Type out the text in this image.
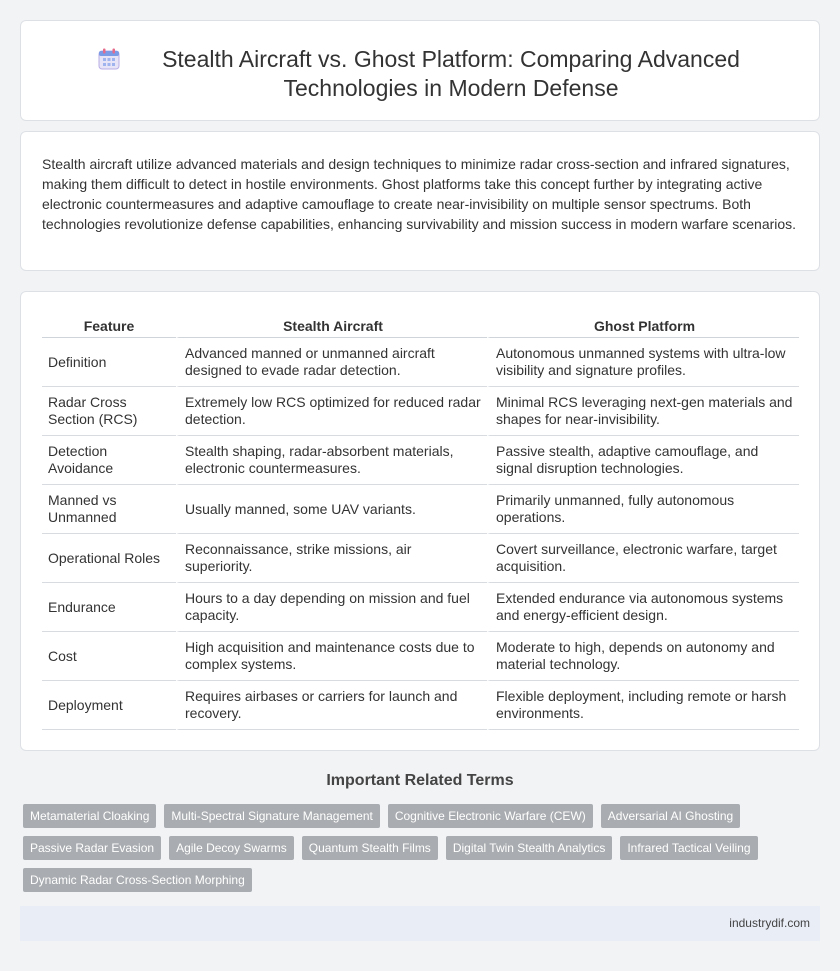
Stealth Aircraft vs. Ghost Platform: Comparing Advanced Technologies in Modern Defense

Stealth aircraft utilize advanced materials and design techniques to minimize radar cross-section and infrared signatures, making them difficult to detect in hostile environments. Ghost platforms take this concept further by integrating active electronic countermeasures and adaptive camouflage to create near-invisibility on multiple sensor spectrums. Both technologies revolutionize defense capabilities, enhancing survivability and mission success in modern warfare scenarios.

Feature	Stealth Aircraft	Ghost Platform
Definition	Advanced manned or unmanned aircraft designed to evade radar detection.	Autonomous unmanned systems with ultra-low visibility and signature profiles.
Radar Cross Section (RCS)	Extremely low RCS optimized for reduced radar detection.	Minimal RCS leveraging next-gen materials and shapes for near-invisibility.
Detection Avoidance	Stealth shaping, radar-absorbent materials, electronic countermeasures.	Passive stealth, adaptive camouflage, and signal disruption technologies.
Manned vs Unmanned	Usually manned, some UAV variants.	Primarily unmanned, fully autonomous operations.
Operational Roles	Reconnaissance, strike missions, air superiority.	Covert surveillance, electronic warfare, target acquisition.
Endurance	Hours to a day depending on mission and fuel capacity.	Extended endurance via autonomous systems and energy-efficient design.
Cost	High acquisition and maintenance costs due to complex systems.	Moderate to high, depends on autonomy and material technology.
Deployment	Requires airbases or carriers for launch and recovery.	Flexible deployment, including remote or harsh environments.
Important Related Terms
Metamaterial Cloaking	Multi-Spectral Signature Management	Cognitive Electronic Warfare (CEW)	Adversarial AI Ghosting
Passive Radar Evasion	Agile Decoy Swarms	Quantum Stealth Films	Digital Twin Stealth Analytics	Infrared Tactical Veiling
Dynamic Radar Cross-Section Morphing
industrydif.com
